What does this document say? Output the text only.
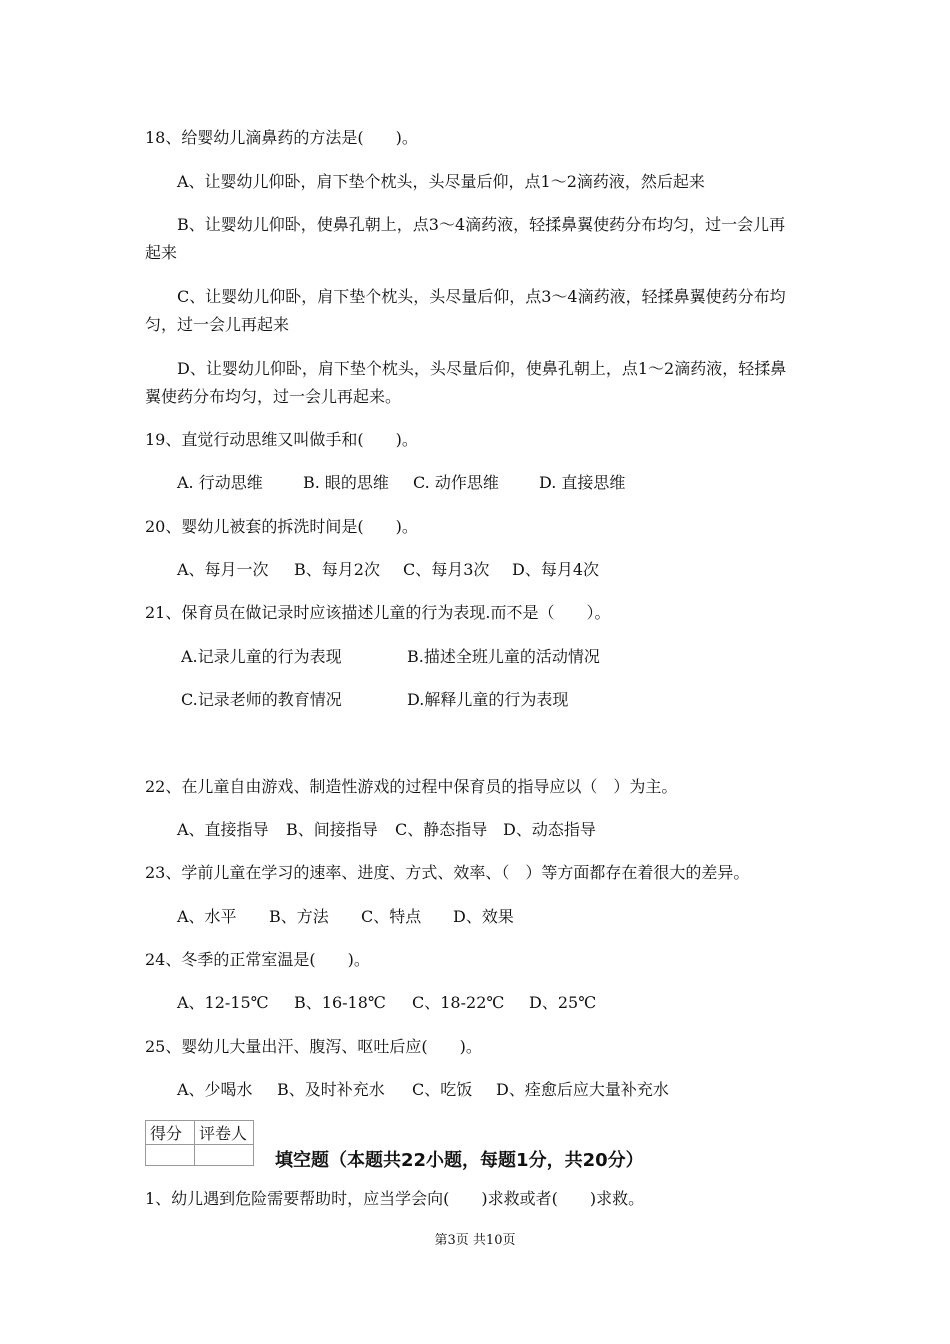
18、给婴幼儿滴鼻药的方法是(　　)。
A、让婴幼儿仰卧，肩下垫个枕头，头尽量后仰，点1～2滴药液，然后起来
B、让婴幼儿仰卧，使鼻孔朝上，点3～4滴药液，轻揉鼻翼使药分布均匀，过一会儿再
起来
C、让婴幼儿仰卧，肩下垫个枕头，头尽量后仰，点3～4滴药液，轻揉鼻翼使药分布均
匀，过一会儿再起来
D、让婴幼儿仰卧，肩下垫个枕头，头尽量后仰，使鼻孔朝上，点1～2滴药液，轻揉鼻
翼使药分布均匀，过一会儿再起来。
19、直觉行动思维又叫做手和(　　)。
A. 行动思维	B. 眼的思维 C. 动作思维	D. 直接思维
20、婴幼儿被套的拆洗时间是(　　)。
A、每月一次 B、每月2次 C、每月3次 D、每月4次
21、保育员在做记录时应该描述儿童的行为表现.而不是（　　）。
A.记录儿童的行为表现	B.描述全班儿童的活动情况
C.记录老师的教育情况	D.解释儿童的行为表现
22、在儿童自由游戏、制造性游戏的过程中保育员的指导应以（　）为主。
A、直接指导 B、间接指导 C、静态指导 D、动态指导
23、学前儿童在学习的速率、进度、方式、效率、（　）等方面都存在着很大的差异。
A、水平 B、方法 C、特点 D、效果
24、冬季的正常室温是(　　)。
A、12-15℃ B、16-18℃ C、18-22℃ D、25℃
25、婴幼儿大量出汗、腹泻、呕吐后应(　　)。
A、少喝水 B、及时补充水 C、吃饭 D、痊愈后应大量补充水
得分	评卷人

填空题（本题共22小题，每题1分，共20分）
1、幼儿遇到危险需要帮助时，应当学会向(　　)求救或者(　　)求救。
第3页 共10页
